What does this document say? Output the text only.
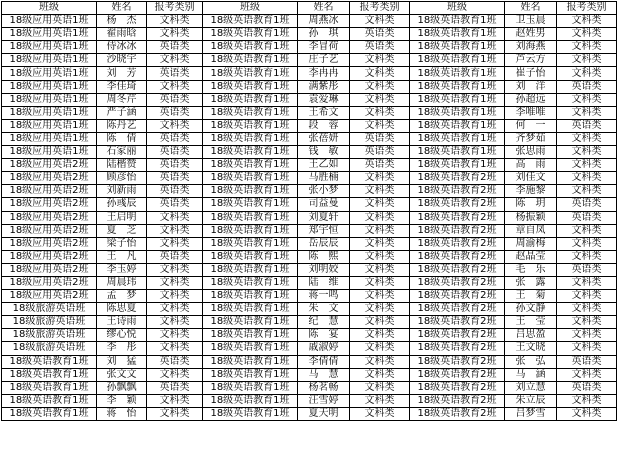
班级	姓名	报考类别	班级	姓名	报考类别	班级	姓名	报考类别
18级应用英语1班	杨　杰	文科类	18级英语教育1班	周燕冰	文科类	18级英语教育1班	卫玉晨	文科类
18级应用英语1班	翟雨晗	文科类	18级英语教育1班	孙　琪	英语类	18级英语教育1班	赵姓男	文科类
18级应用英语1班	侍冰冰	英语类	18级英语教育1班	李冒荷	英语类	18级英语教育1班	刘海燕	文科类
18级应用英语1班	沙晓宇	文科类	18级英语教育1班	庄子艺	文科类	18级英语教育1班	芦云方	文科类
18级应用英语1班	刘　芳	英语类	18级英语教育1班	李冉冉	文科类	18级英语教育1班	崔子怡	文科类
18级应用英语1班	李佳琦	文科类	18级英语教育1班	满紫彤	文科类	18级英语教育1班	刘　洋	英语类
18级应用英语1班	周冬芹	英语类	18级英语教育1班	袁爱琳	文科类	18级英语教育1班	孙超远	文科类
18级应用英语1班	严子涵	英语类	18级英语教育1班	王希文	文科类	18级英语教育1班	李唯唯	文科类
18级应用英语1班	陈丹艺	文科类	18级英语教育1班	段　蓉	文科类	18级英语教育1班	何　一	英语类
18级应用英语1班	陈　倩	英语类	18级英语教育1班	张蓓妍	英语类	18级英语教育1班	齐梦茹	文科类
18级应用英语1班	石家丽	英语类	18级英语教育1班	钱　敏	英语类	18级英语教育1班	张思雨	文科类
18级应用英语2班	陆楷赞	英语类	18级英语教育1班	王乙如	英语类	18级英语教育1班	高　雨	文科类
18级应用英语2班	顾彦怡	英语类	18级英语教育1班	马胜楠	文科类	18级英语教育2班	刘佳文	文科类
18级应用英语2班	刘新雨	英语类	18级英语教育1班	张小梦	文科类	18级英语教育2班	李施黎	文科类
18级应用英语2班	孙彧辰	英语类	18级英语教育1班	司益曼	文科类	18级英语教育2班	陈　玥	英语类
18级应用英语2班	王启明	文科类	18级英语教育1班	刘夏轩	文科类	18级英语教育2班	杨振颖	英语类
18级应用英语2班	夏　芝	文科类	18级英语教育1班	郑宇恒	文科类	18级英语教育2班	章自凤	文科类
18级应用英语2班	梁子怡	文科类	18级英语教育1班	岳辰辰	文科类	18级英语教育2班	周渝梅	文科类
18级应用英语2班	王　凡	英语类	18级英语教育1班	陈　熙	文科类	18级英语教育2班	赵晶莹	文科类
18级应用英语2班	李玉婷	文科类	18级英语教育1班	刘明姣	文科类	18级英语教育2班	毛　乐	英语类
18级应用英语2班	周晨玮	文科类	18级英语教育1班	陆　维	文科类	18级英语教育2班	张　露	文科类
18级应用英语2班	孟　梦	文科类	18级英语教育1班	蒋一鸣	文科类	18级英语教育2班	王　菊	文科类
18级旅游英语班	陈思夏	文科类	18级英语教育1班	朱　文	文科类	18级英语教育2班	孙文静	文科类
18级旅游英语班	王诗雨	文科类	18级英语教育1班	纪　慧	文科类	18级英语教育2班	王　莹	文科类
18级旅游英语班	缪心悦	文科类	18级英语教育1班	陈　宴	文科类	18级英语教育2班	吕思盈	文科类
18级旅游英语班	李　彤	文科类	18级英语教育1班	戚淑婷	文科类	18级英语教育2班	王文晓	文科类
18级英语教育1班	刘　猛	英语类	18级英语教育1班	李倩倩	文科类	18级英语教育2班	张　弘	英语类
18级英语教育1班	张文文	文科类	18级英语教育1班	马　慧	文科类	18级英语教育2班	马　涵	文科类
18级英语教育1班	孙飘飘	英语类	18级英语教育1班	杨茗畅	文科类	18级英语教育2班	刘立慧	英语类
18级英语教育1班	李　颖	文科类	18级英语教育1班	汪雪婷	文科类	18级英语教育2班	朱立辰	文科类
18级英语教育1班	蒋　怡	文科类	18级英语教育1班	夏天明	文科类	18级英语教育2班	吕梦雪	文科类
